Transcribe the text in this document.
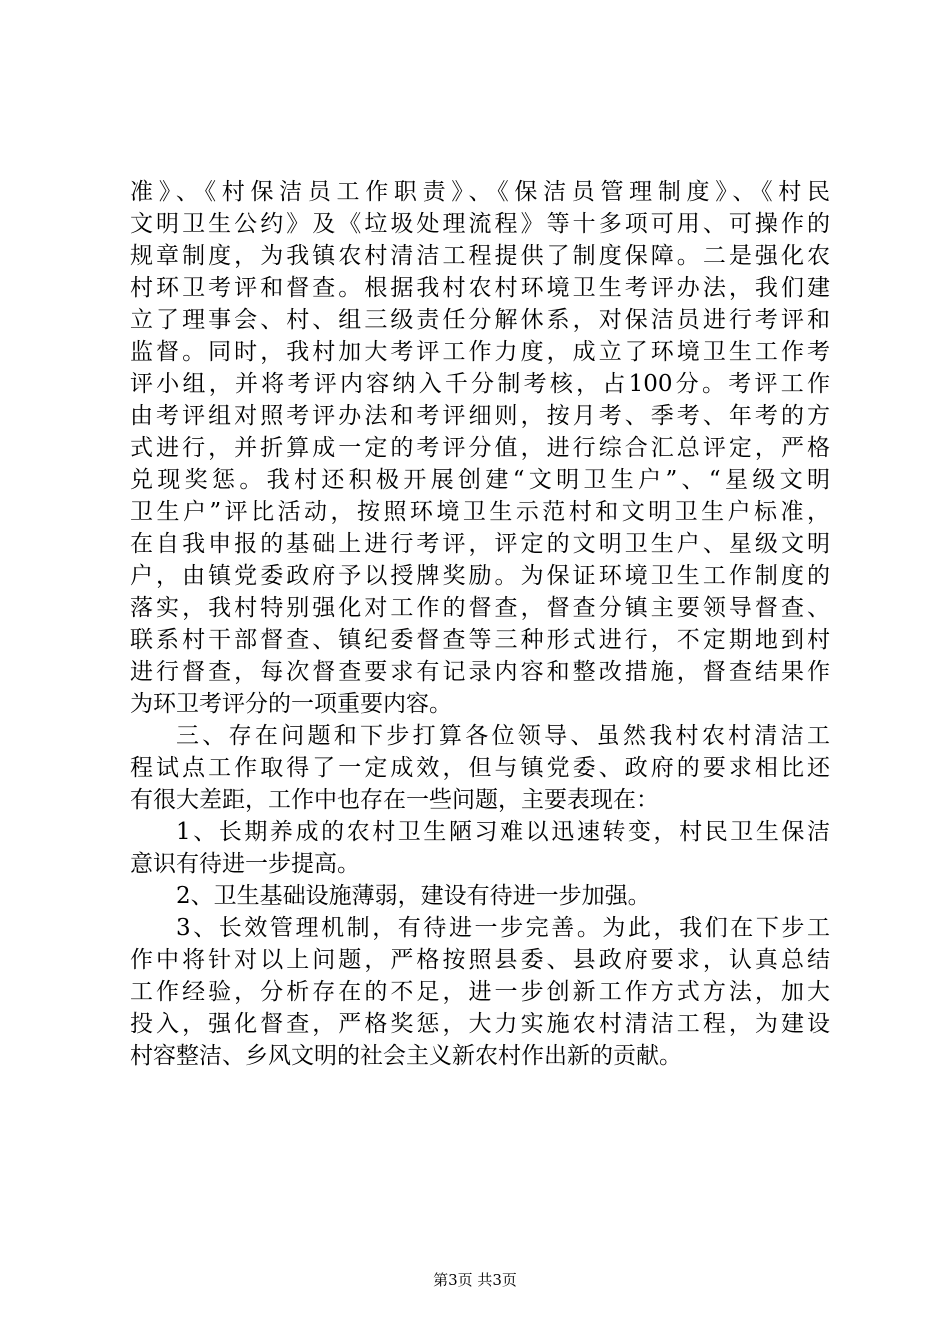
准》、《村保洁员工作职责》、《保洁员管理制度》、《村民
文明卫生公约》及《垃圾处理流程》等十多项可用、可操作的
规章制度，为我镇农村清洁工程提供了制度保障。二是强化农
村环卫考评和督查。根据我村农村环境卫生考评办法，我们建
立了理事会、村、组三级责任分解休系，对保洁员进行考评和
监督。同时，我村加大考评工作力度，成立了环境卫生工作考
评小组，并将考评内容纳入千分制考核，占100分。考评工作
由考评组对照考评办法和考评细则，按月考、季考、年考的方
式进行，并折算成一定的考评分值，进行综合汇总评定，严格
兑现奖惩。我村还积极开展创建“文明卫生户”、“星级文明
卫生户”评比活动，按照环境卫生示范村和文明卫生户标准，
在自我申报的基础上进行考评，评定的文明卫生户、星级文明
户，由镇党委政府予以授牌奖励。为保证环境卫生工作制度的
落实，我村特别强化对工作的督查，督查分镇主要领导督查、
联系村干部督查、镇纪委督查等三种形式进行，不定期地到村
进行督查，每次督查要求有记录内容和整改措施，督查结果作
为环卫考评分的一项重要内容。
三、存在问题和下步打算各位领导、虽然我村农村清洁工
程试点工作取得了一定成效，但与镇党委、政府的要求相比还
有很大差距，工作中也存在一些问题，主要表现在：
1、长期养成的农村卫生陋习难以迅速转变，村民卫生保洁
意识有待进一步提高。
2、卫生基础设施薄弱，建设有待进一步加强。
3、长效管理机制，有待进一步完善。为此，我们在下步工
作中将针对以上问题，严格按照县委、县政府要求，认真总结
工作经验，分析存在的不足，进一步创新工作方式方法，加大
投入，强化督查，严格奖惩，大力实施农村清洁工程，为建设
村容整洁、乡风文明的社会主义新农村作出新的贡献。
第3页 共3页
